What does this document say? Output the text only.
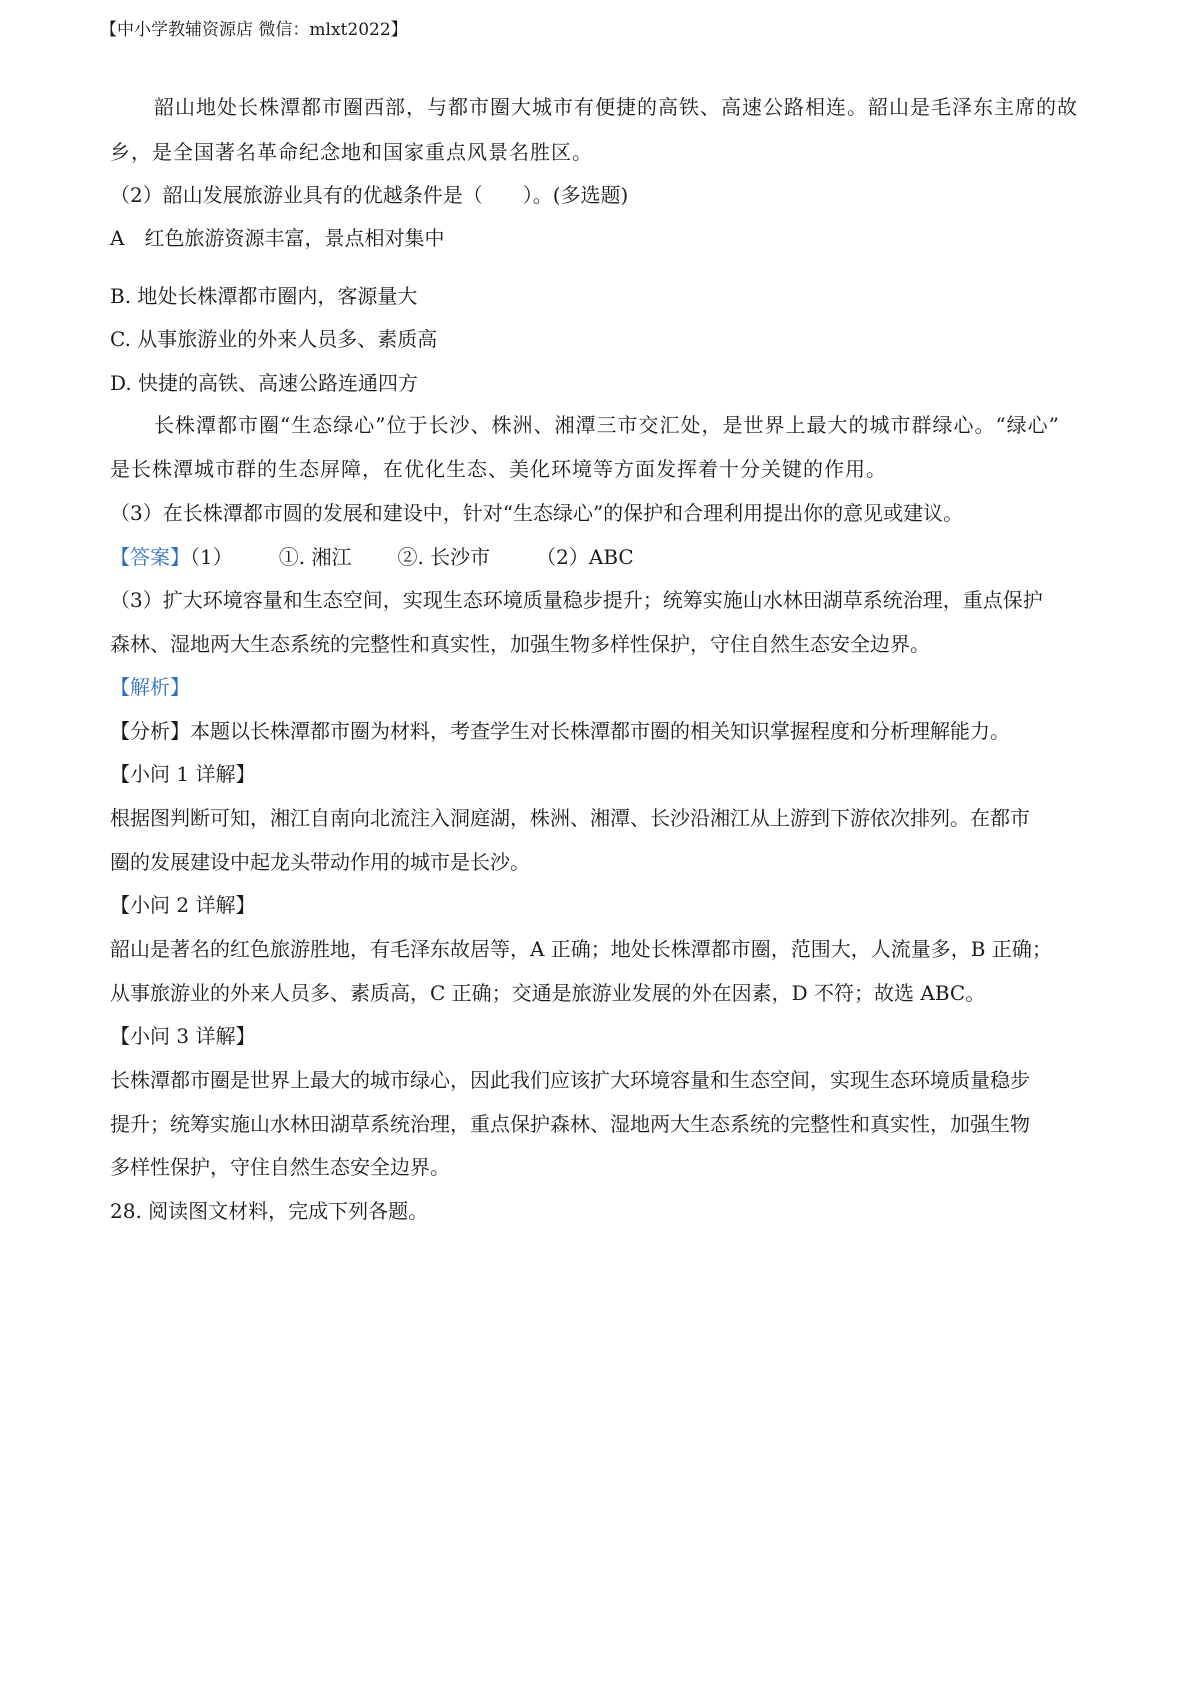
【中小学教辅资源店 微信：mlxt2022】
韶山地处长株潭都市圈西部，与都市圈大城市有便捷的高铁、高速公路相连。韶山是毛泽东主席的故
乡，是全国著名革命纪念地和国家重点风景名胜区。
（2）韶山发展旅游业具有的优越条件是（　　）。(多选题)
A　红色旅游资源丰富，景点相对集中
B. 地处长株潭都市圈内，客源量大
C. 从事旅游业的外来人员多、素质高
D. 快捷的高铁、高速公路连通四方
长株潭都市圈“生态绿心”位于长沙、株洲、湘潭三市交汇处，是世界上最大的城市群绿心。“绿心”
是长株潭城市群的生态屏障，在优化生态、美化环境等方面发挥着十分关键的作用。
（3）在长株潭都市圆的发展和建设中，针对“生态绿心”的保护和合理利用提出你的意见或建议。
【答案】（1） ①. 湘江 ②. 长沙市 （2）ABC
（3）扩大环境容量和生态空间，实现生态环境质量稳步提升；统筹实施山水林田湖草系统治理，重点保护
森林、湿地两大生态系统的完整性和真实性，加强生物多样性保护，守住自然生态安全边界。
【解析】
【分析】本题以长株潭都市圈为材料，考查学生对长株潭都市圈的相关知识掌握程度和分析理解能力。
【小问 1 详解】
根据图判断可知，湘江自南向北流注入洞庭湖，株洲、湘潭、长沙沿湘江从上游到下游依次排列。在都市
圈的发展建设中起龙头带动作用的城市是长沙。
【小问 2 详解】
韶山是著名的红色旅游胜地，有毛泽东故居等，A 正确；地处长株潭都市圈，范围大，人流量多，B 正确；
从事旅游业的外来人员多、素质高，C 正确；交通是旅游业发展的外在因素，D 不符；故选 ABC。
【小问 3 详解】
长株潭都市圈是世界上最大的城市绿心，因此我们应该扩大环境容量和生态空间，实现生态环境质量稳步
提升；统筹实施山水林田湖草系统治理，重点保护森林、湿地两大生态系统的完整性和真实性，加强生物
多样性保护，守住自然生态安全边界。
28. 阅读图文材料，完成下列各题。
